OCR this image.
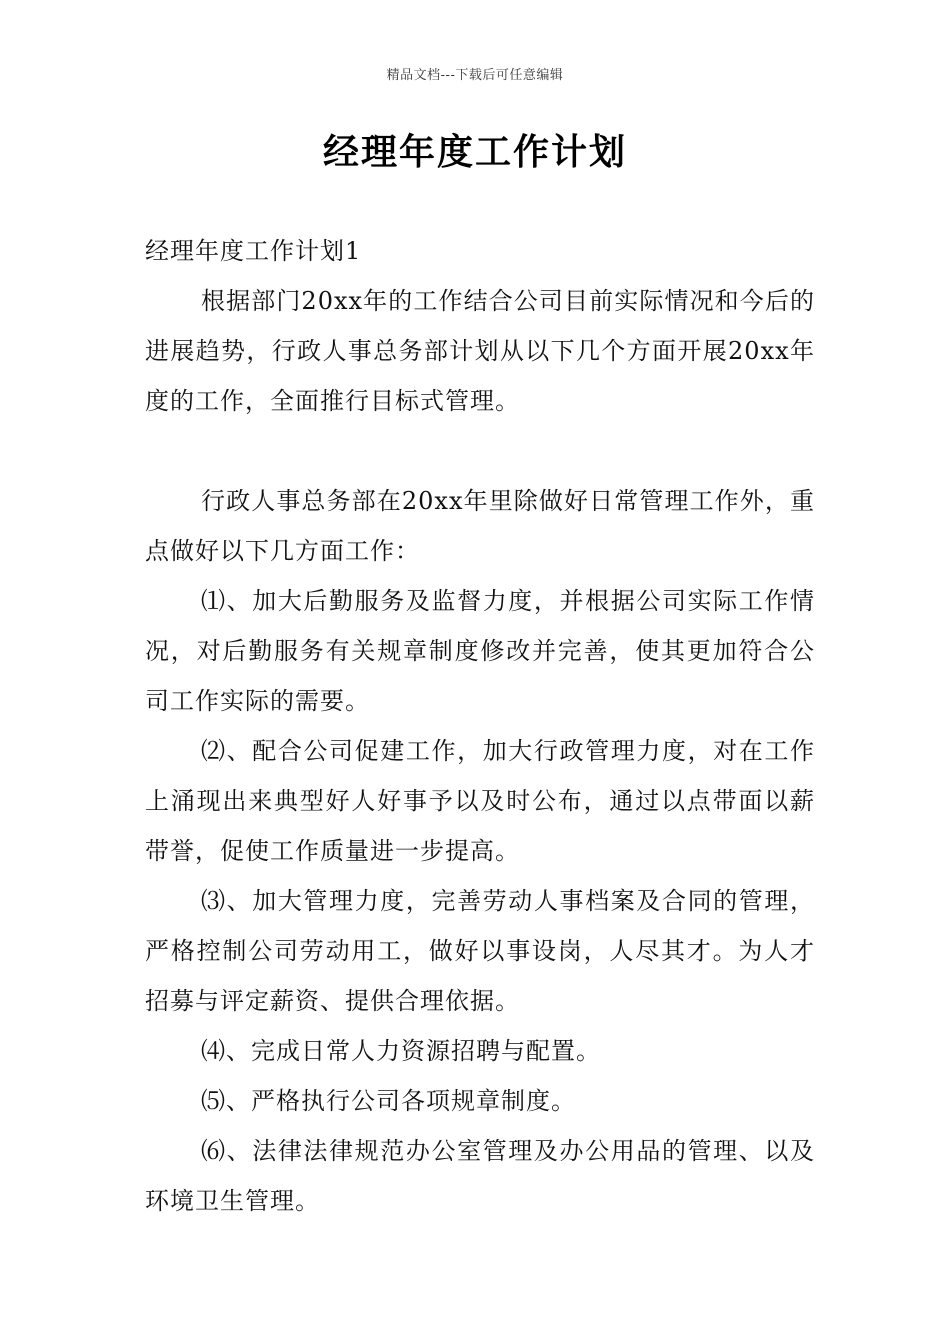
精品文档---下载后可任意编辑
经理年度工作计划

经理年度工作计划1

根据部门20xx年的工作结合公司目前实际情况和今后的进展趋势，行政人事总务部计划从以下几个方面开展20xx年度的工作，全面推行目标式管理。

行政人事总务部在20xx年里除做好日常管理工作外，重点做好以下几方面工作：

⑴、加大后勤服务及监督力度，并根据公司实际工作情况，对后勤服务有关规章制度修改并完善，使其更加符合公司工作实际的需要。

⑵、配合公司促建工作，加大行政管理力度，对在工作上涌现出来典型好人好事予以及时公布，通过以点带面以薪带誉，促使工作质量进一步提高。

⑶、加大管理力度，完善劳动人事档案及合同的管理，严格控制公司劳动用工，做好以事设岗，人尽其才。为人才招募与评定薪资、提供合理依据。

⑷、完成日常人力资源招聘与配置。

⑸、严格执行公司各项规章制度。

⑹、法律法律规范办公室管理及办公用品的管理、以及环境卫生管理。
